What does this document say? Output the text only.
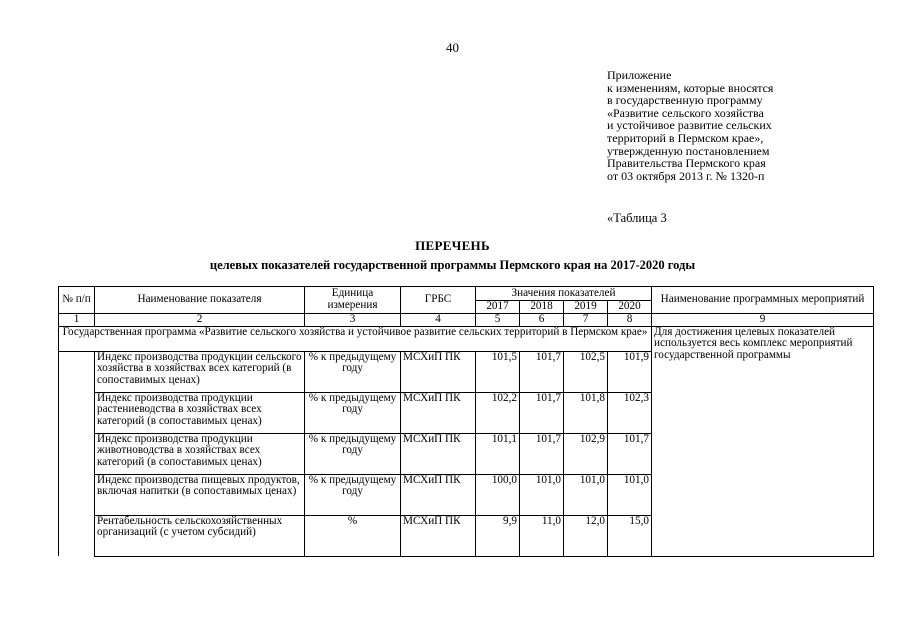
40
Приложение
к изменениям, которые вносятся
в государственную программу
«Развитие сельского хозяйства
и устойчивое развитие сельских
территорий в Пермском крае»,
утвержденную постановлением
Правительства Пермского края
от 03 октября 2013 г. № 1320-п
«Таблица 3
ПЕРЕЧЕНЬ
целевых показателей государственной программы Пермского края на 2017-2020 годы
№ п/п	Наименование показателя	Единица измерения	ГРБС	Значения показателей				Наименование программных мероприятий
				2017	2018	2019	2020	
1	2	3	4	5	6	7	8	9
Государственная программа «Развитие сельского хозяйства и устойчивое развитие сельских территорий в Пермском крае»								Для достижения целевых показателей используется весь комплекс мероприятий государственной программы
	Индекс производства продукции сельского хозяйства в хозяйствах всех категорий (в сопоставимых ценах)	% к предыдущему году	МСХиП ПК	101,5	101,7	102,5	101,9	
	Индекс производства продукции растениеводства в хозяйствах всех категорий (в сопоставимых ценах)	% к предыдущему году	МСХиП ПК	102,2	101,7	101,8	102,3	
	Индекс производства продукции животноводства в хозяйствах всех категорий (в сопоставимых ценах)	% к предыдущему году	МСХиП ПК	101,1	101,7	102,9	101,7	
	Индекс производства пищевых продуктов, включая напитки (в сопоставимых ценах)	% к предыдущему году	МСХиП ПК	100,0	101,0	101,0	101,0	
	Рентабельность сельскохозяйственных организаций (с учетом субсидий)	%	МСХиП ПК	9,9	11,0	12,0	15,0	
